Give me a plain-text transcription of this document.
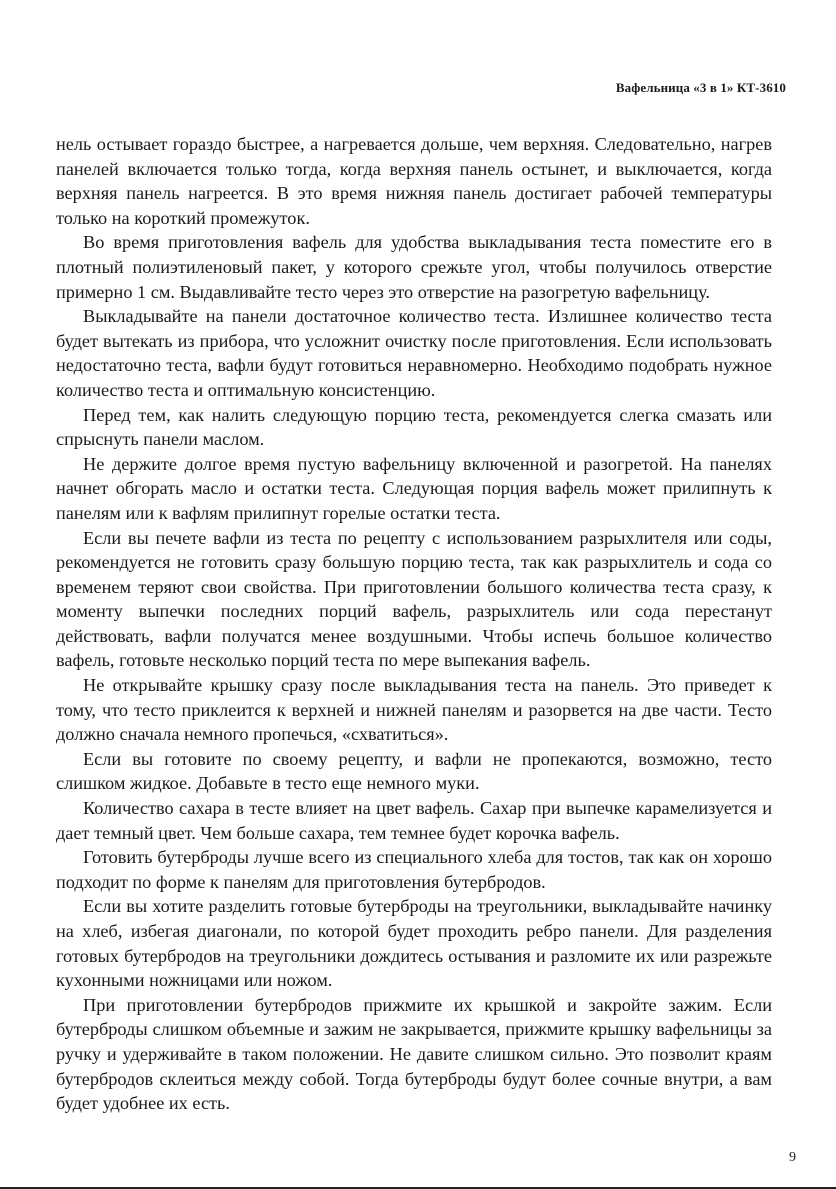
Вафельница «3 в 1» КТ-3610

нель остывает гораздо быстрее, а нагревается дольше, чем верхняя. Следовательно, нагрев панелей включается только тогда, когда верхняя панель остынет, и выключается, когда верхняя панель нагреется. В это время нижняя панель достигает рабочей температуры только на короткий промежуток.

Во время приготовления вафель для удобства выкладывания теста поместите его в плотный полиэтиленовый пакет, у которого срежьте угол, чтобы получилось отверстие примерно 1 см. Выдавливайте тесто через это отверстие на разогретую вафельницу.

Выкладывайте на панели достаточное количество теста. Излишнее количество теста будет вытекать из прибора, что усложнит очистку после приготовления. Если использовать недостаточно теста, вафли будут готовиться неравномерно. Необходимо подобрать нужное количество теста и оптимальную консистенцию.

Перед тем, как налить следующую порцию теста, рекомендуется слегка смазать или спрыснуть панели маслом.

Не держите долгое время пустую вафельницу включенной и разогретой. На панелях начнет обгорать масло и остатки теста. Следующая порция вафель может прилипнуть к панелям или к вафлям прилипнут горелые остатки теста.

Если вы печете вафли из теста по рецепту с использованием разрыхлителя или соды, рекомендуется не готовить сразу большую порцию теста, так как разрыхлитель и сода со временем теряют свои свойства. При приготовлении большого количества теста сразу, к моменту выпечки последних порций вафель, разрыхлитель или сода перестанут действовать, вафли получатся менее воздушными. Чтобы испечь большое количество вафель, готовьте несколько порций теста по мере выпекания вафель.

Не открывайте крышку сразу после выкладывания теста на панель. Это приведет к тому, что тесто приклеится к верхней и нижней панелям и разорвется на две части. Тесто должно сначала немного пропечься, «схватиться».

Если вы готовите по своему рецепту, и вафли не пропекаются, возможно, тесто слишком жидкое. Добавьте в тесто еще немного муки.

Количество сахара в тесте влияет на цвет вафель. Сахар при выпечке карамелизуется и дает темный цвет. Чем больше сахара, тем темнее будет корочка вафель.

Готовить бутерброды лучше всего из специального хлеба для тостов, так как он хорошо подходит по форме к панелям для приготовления бутербродов.

Если вы хотите разделить готовые бутерброды на треугольники, выкладывайте начинку на хлеб, избегая диагонали, по которой будет проходить ребро панели. Для разделения готовых бутербродов на треугольники дождитесь остывания и разломите их или разрежьте кухонными ножницами или ножом.

При приготовлении бутербродов прижмите их крышкой и закройте зажим. Если бутерброды слишком объемные и зажим не закрывается, прижмите крышку вафельницы за ручку и удерживайте в таком положении. Не давите слишком сильно. Это позволит краям бутербродов склеиться между собой. Тогда бутерброды будут более сочные внутри, а вам будет удобнее их есть.

9
